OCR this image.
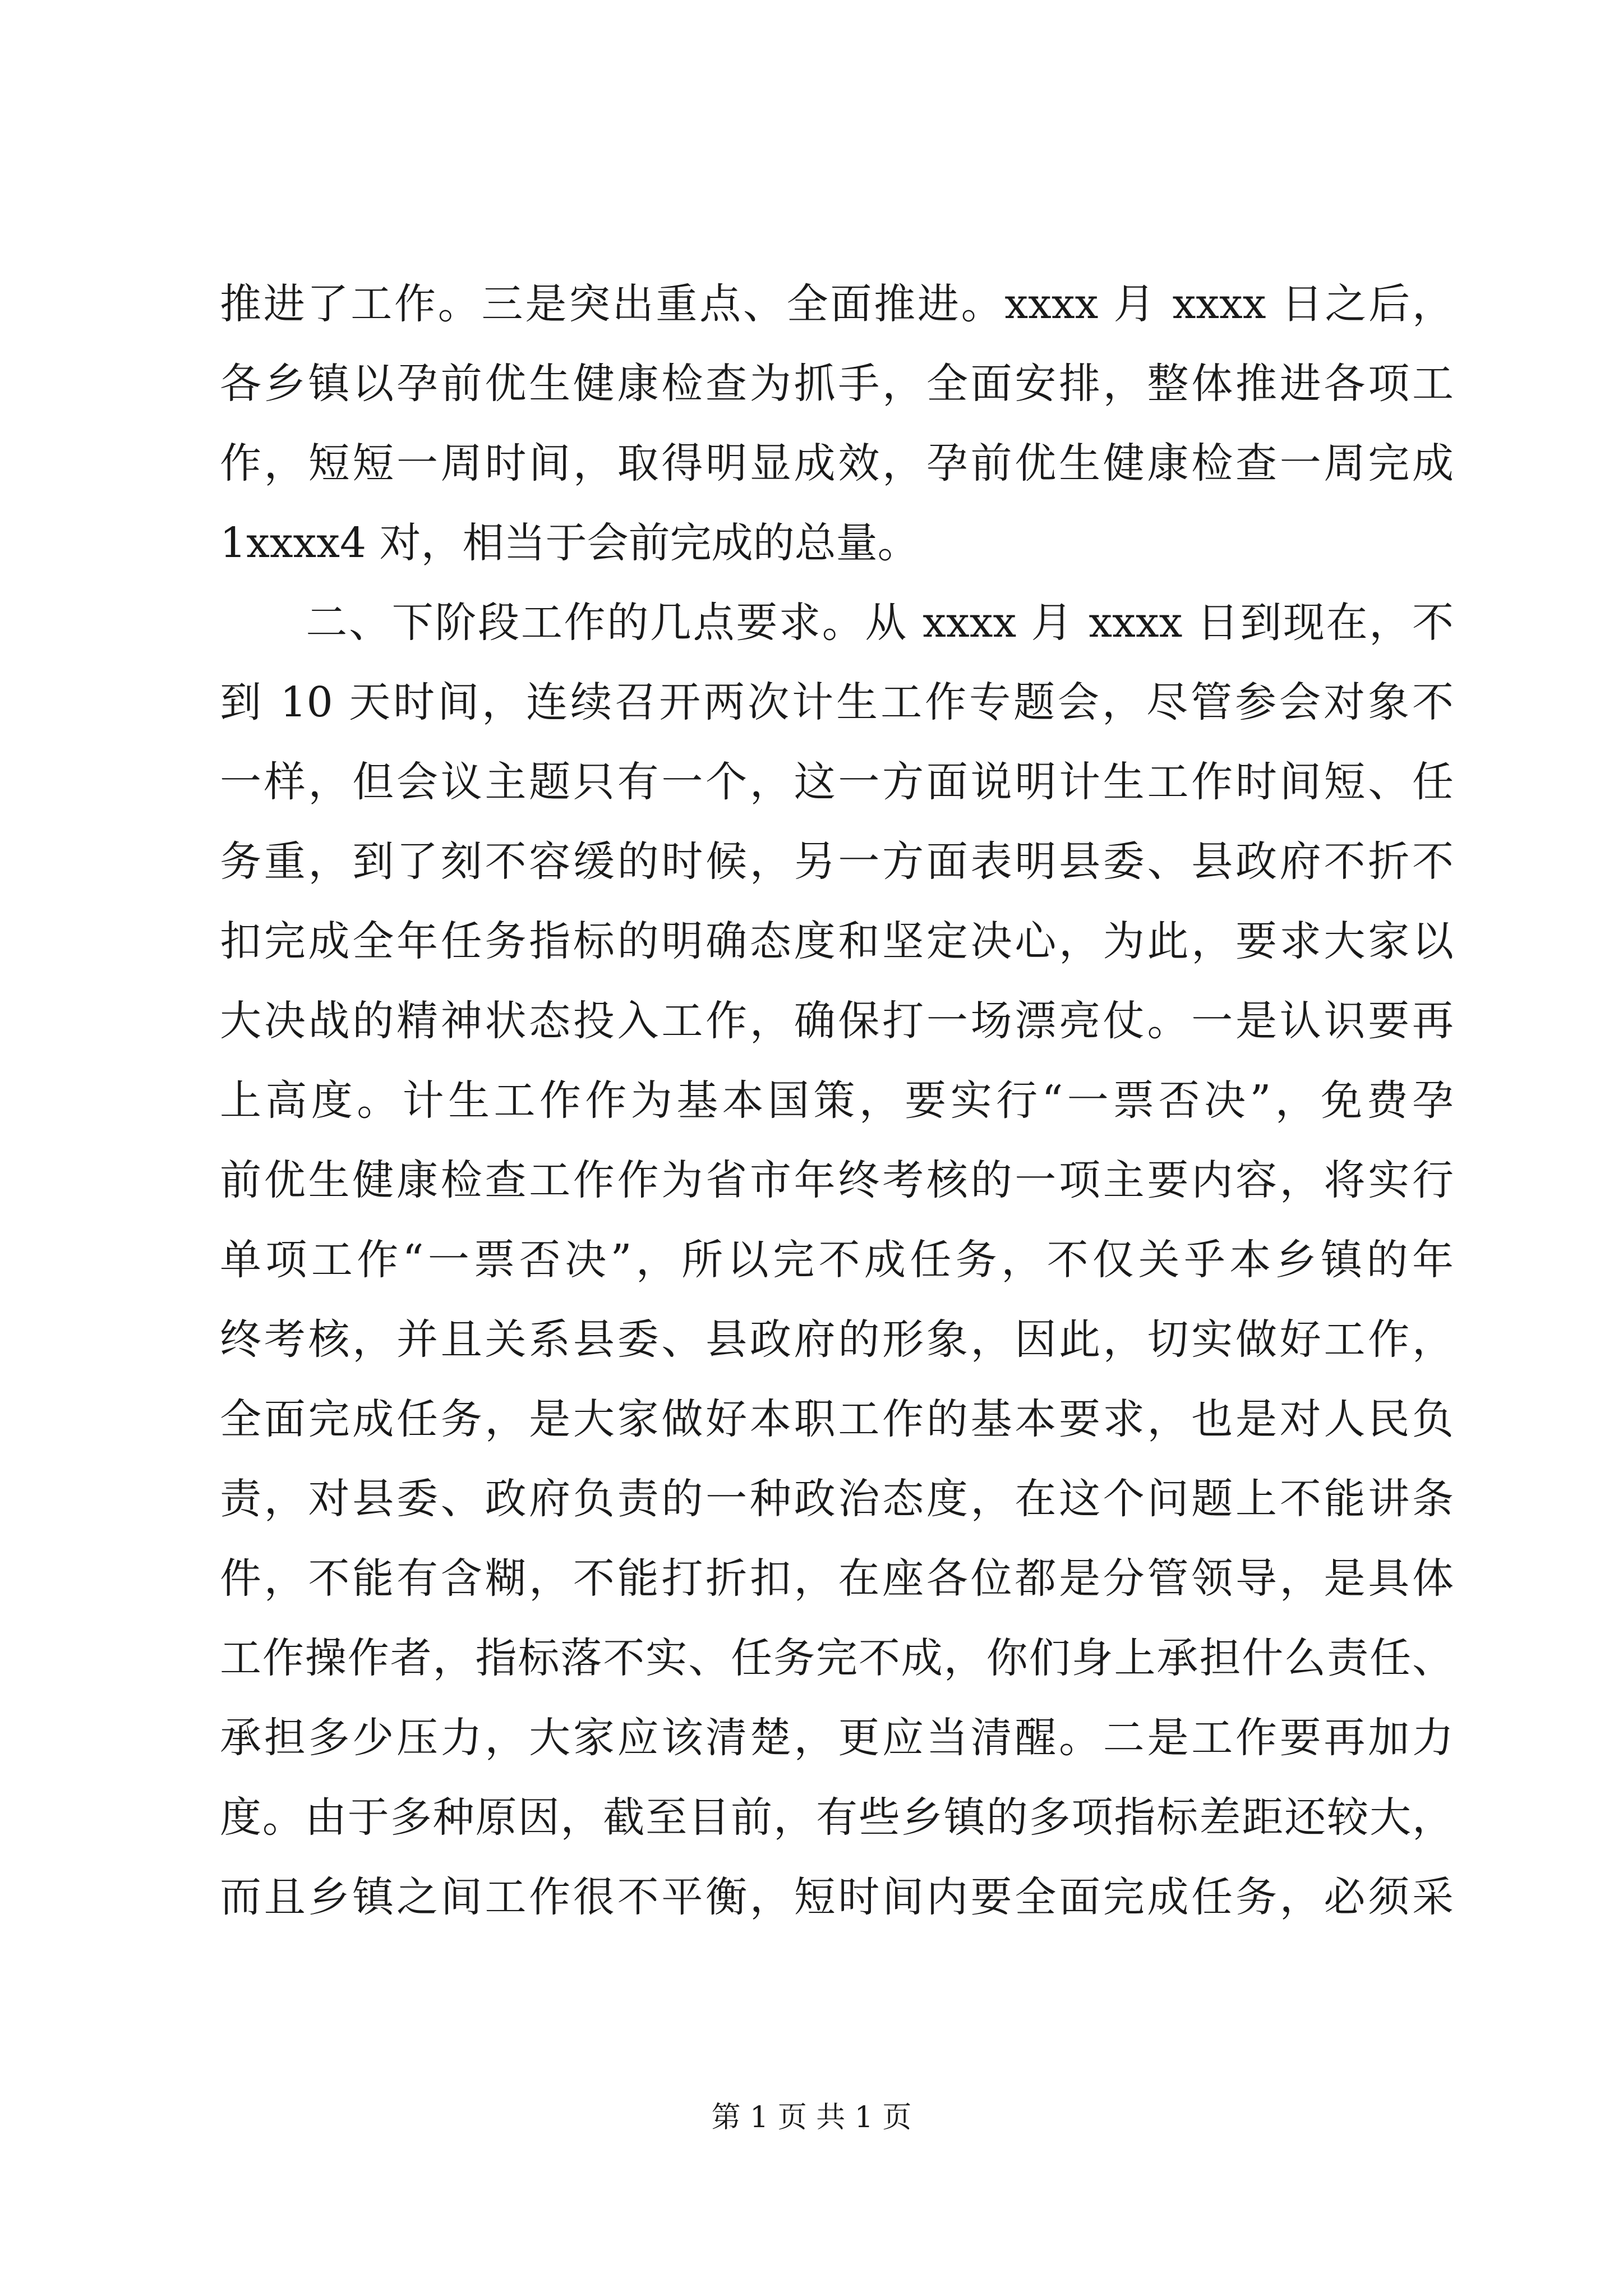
推进了工作。三是突出重点、全面推进。xxxx 月 xxxx 日之后，
各乡镇以孕前优生健康检查为抓手，全面安排，整体推进各项工
作，短短一周时间，取得明显成效，孕前优生健康检查一周完成
1xxxx4 对，相当于会前完成的总量。
　　二、下阶段工作的几点要求。从 xxxx 月 xxxx 日到现在，不
到 10 天时间，连续召开两次计生工作专题会，尽管参会对象不
一样，但会议主题只有一个，这一方面说明计生工作时间短、任
务重，到了刻不容缓的时候，另一方面表明县委、县政府不折不
扣完成全年任务指标的明确态度和坚定决心，为此，要求大家以
大决战的精神状态投入工作，确保打一场漂亮仗。一是认识要再
上高度。计生工作作为基本国策，要实行“一票否决”，免费孕
前优生健康检查工作作为省市年终考核的一项主要内容，将实行
单项工作“一票否决”，所以完不成任务，不仅关乎本乡镇的年
终考核，并且关系县委、县政府的形象，因此，切实做好工作，
全面完成任务，是大家做好本职工作的基本要求，也是对人民负
责，对县委、政府负责的一种政治态度，在这个问题上不能讲条
件，不能有含糊，不能打折扣，在座各位都是分管领导，是具体
工作操作者，指标落不实、任务完不成，你们身上承担什么责任、
承担多少压力，大家应该清楚，更应当清醒。二是工作要再加力
度。由于多种原因，截至目前，有些乡镇的多项指标差距还较大，
而且乡镇之间工作很不平衡，短时间内要全面完成任务，必须采
第 1 页 共 1 页
